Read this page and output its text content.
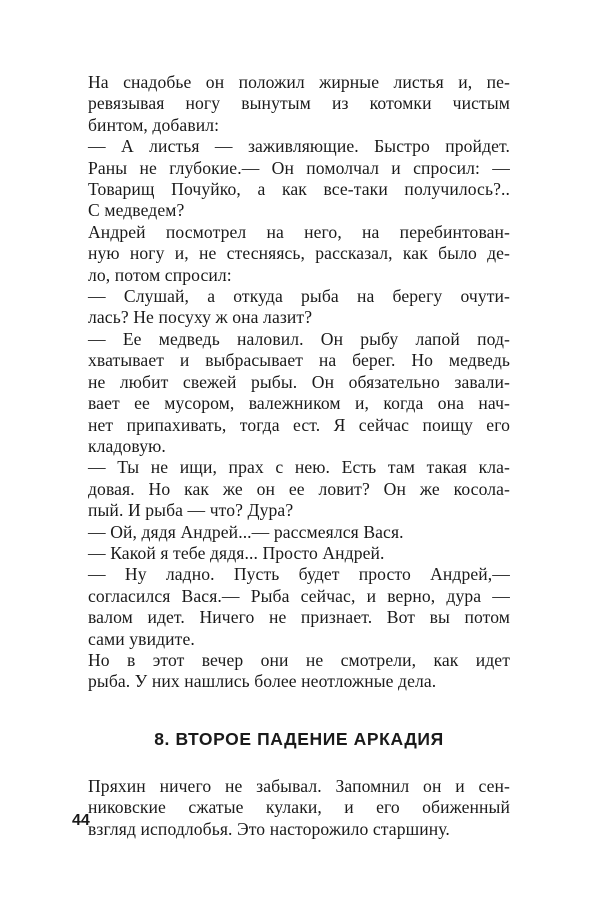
На снадобье он положил жирные листья и, пе-
ревязывая ногу вынутым из котомки чистым
бинтом, добавил:

— А листья — заживляющие. Быстро пройдет.
Раны не глубокие.— Он помолчал и спросил: —
Товарищ Почуйко, а как все-таки получилось?..
С медведем?

Андрей посмотрел на него, на перебинтован-
ную ногу и, не стесняясь, рассказал, как было де-
ло, потом спросил:

— Слушай, а откуда рыба на берегу очути-
лась? Не посуху ж она лазит?

— Ее медведь наловил. Он рыбу лапой под-
хватывает и выбрасывает на берег. Но медведь
не любит свежей рыбы. Он обязательно завали-
вает ее мусором, валежником и, когда она нач-
нет припахивать, тогда ест. Я сейчас поищу его
кладовую.

— Ты не ищи, прах с нею. Есть там такая кла-
довая. Но как же он ее ловит? Он же косола-
пый. И рыба — что? Дура?

— Ой, дядя Андрей...— рассмеялся Вася.

— Какой я тебе дядя... Просто Андрей.

— Ну ладно. Пусть будет просто Андрей,—
согласился Вася.— Рыба сейчас, и верно, дура —
валом идет. Ничего не признает. Вот вы потом
сами увидите.

Но в этот вечер они не смотрели, как идет
рыба. У них нашлись более неотложные дела.

8. ВТОРОЕ ПАДЕНИЕ АРКАДИЯ

Пряхин ничего не забывал. Запомнил он и сен-
никовские сжатые кулаки, и его обиженный
взгляд исподлобья. Это насторожило старшину.

44
